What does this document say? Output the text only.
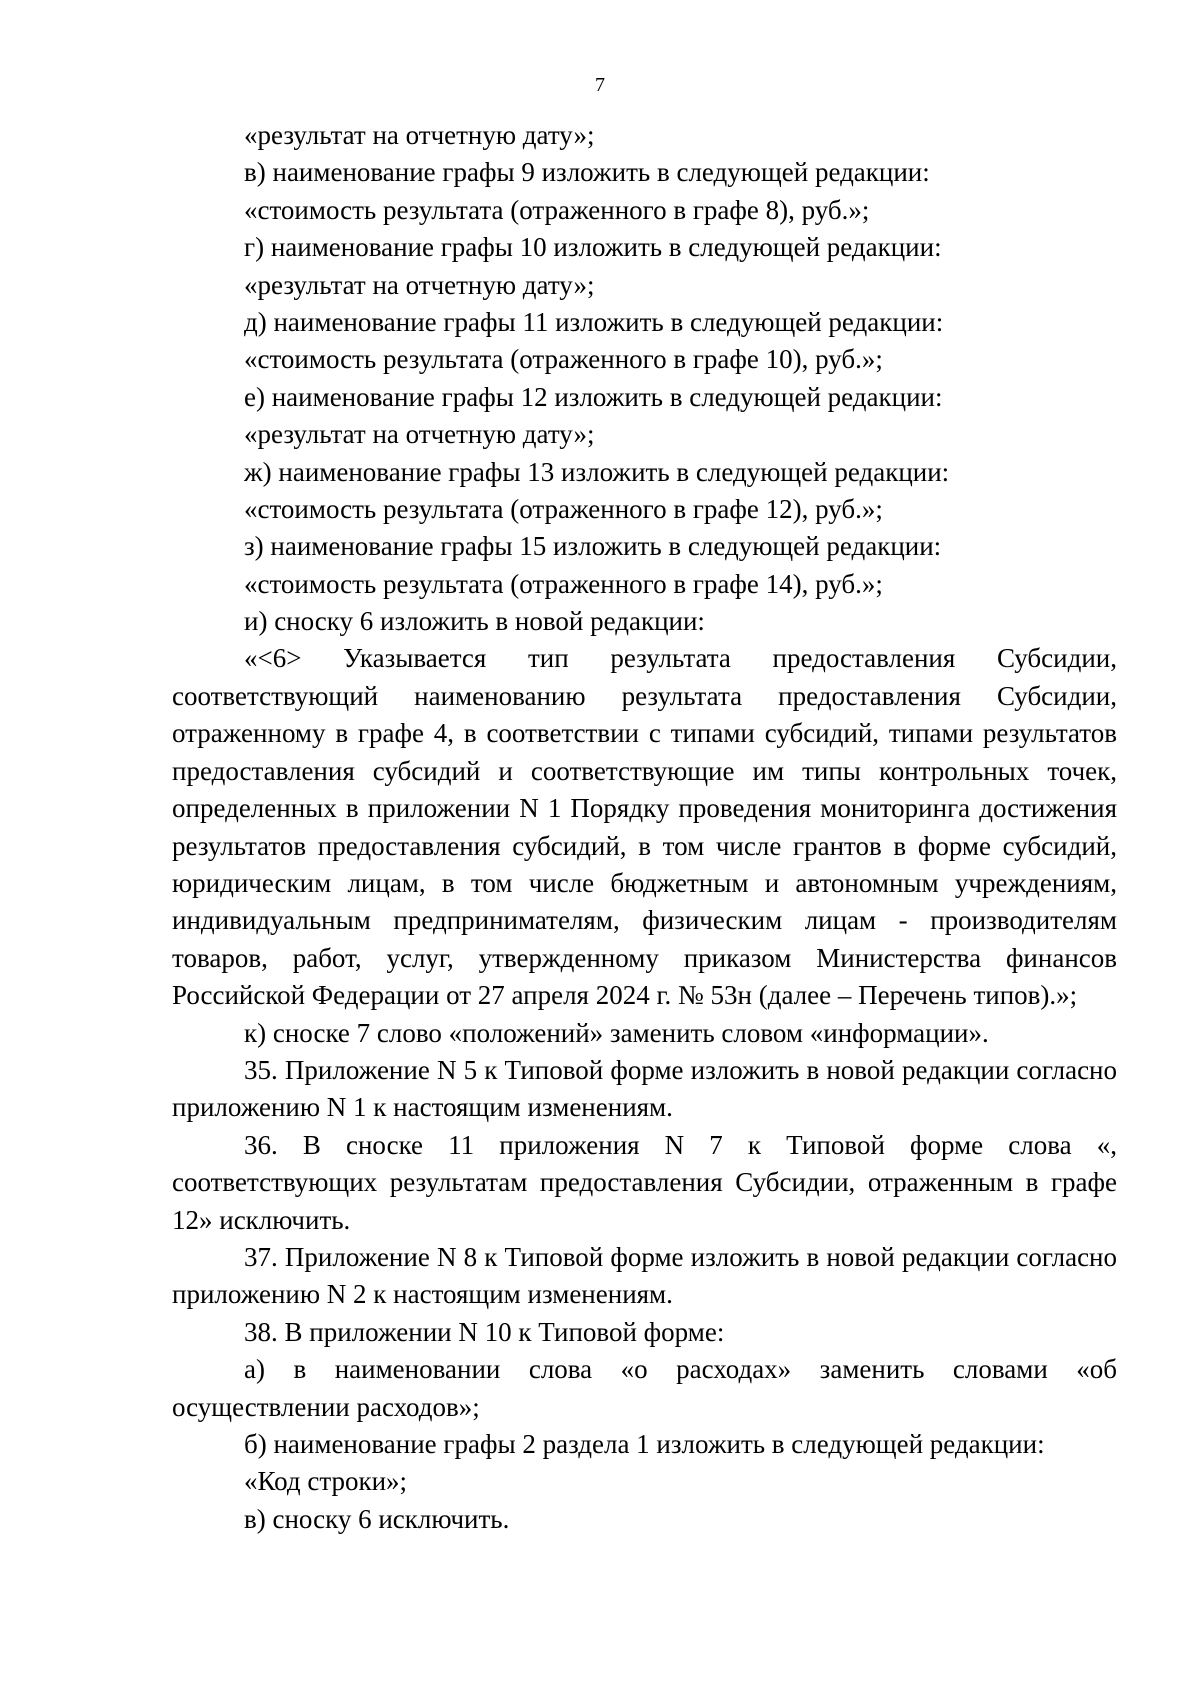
7

«результат на отчетную дату»;

в) наименование графы 9 изложить в следующей редакции:

«стоимость результата (отраженного в графе 8), руб.»;

г) наименование графы 10 изложить в следующей редакции:

«результат на отчетную дату»;

д) наименование графы 11 изложить в следующей редакции:

«стоимость результата (отраженного в графе 10), руб.»;

е) наименование графы 12 изложить в следующей редакции:

«результат на отчетную дату»;

ж) наименование графы 13 изложить в следующей редакции:

«стоимость результата (отраженного в графе 12), руб.»;

з) наименование графы 15 изложить в следующей редакции:

«стоимость результата (отраженного в графе 14), руб.»;

и) сноску 6 изложить в новой редакции:

«<6> Указывается тип результата предоставления Субсидии, соответствующий наименованию результата предоставления Субсидии, отраженному в графе 4, в соответствии с типами субсидий, типами результатов предоставления субсидий и соответствующие им типы контрольных точек, определенных в приложении N 1 Порядку проведения мониторинга достижения результатов предоставления субсидий, в том числе грантов в форме субсидий, юридическим лицам, в том числе бюджетным и автономным учреждениям, индивидуальным предпринимателям, физическим лицам - производителям товаров, работ, услуг, утвержденному приказом Министерства финансов Российской Федерации от 27 апреля 2024 г. № 53н (далее – Перечень типов).»;

к) сноске 7 слово «положений» заменить словом «информации».

35. Приложение N 5 к Типовой форме изложить в новой редакции согласно приложению N 1 к настоящим изменениям.

36. В сноске 11 приложения N 7 к Типовой форме слова «, соответствующих результатам предоставления Субсидии, отраженным в графе 12» исключить.

37. Приложение N 8 к Типовой форме изложить в новой редакции согласно приложению N 2 к настоящим изменениям.

38. В приложении N 10 к Типовой форме:

а) в наименовании слова «о расходах» заменить словами «об осуществлении расходов»;

б) наименование графы 2 раздела 1 изложить в следующей редакции:

«Код строки»;

в) сноску 6 исключить.
